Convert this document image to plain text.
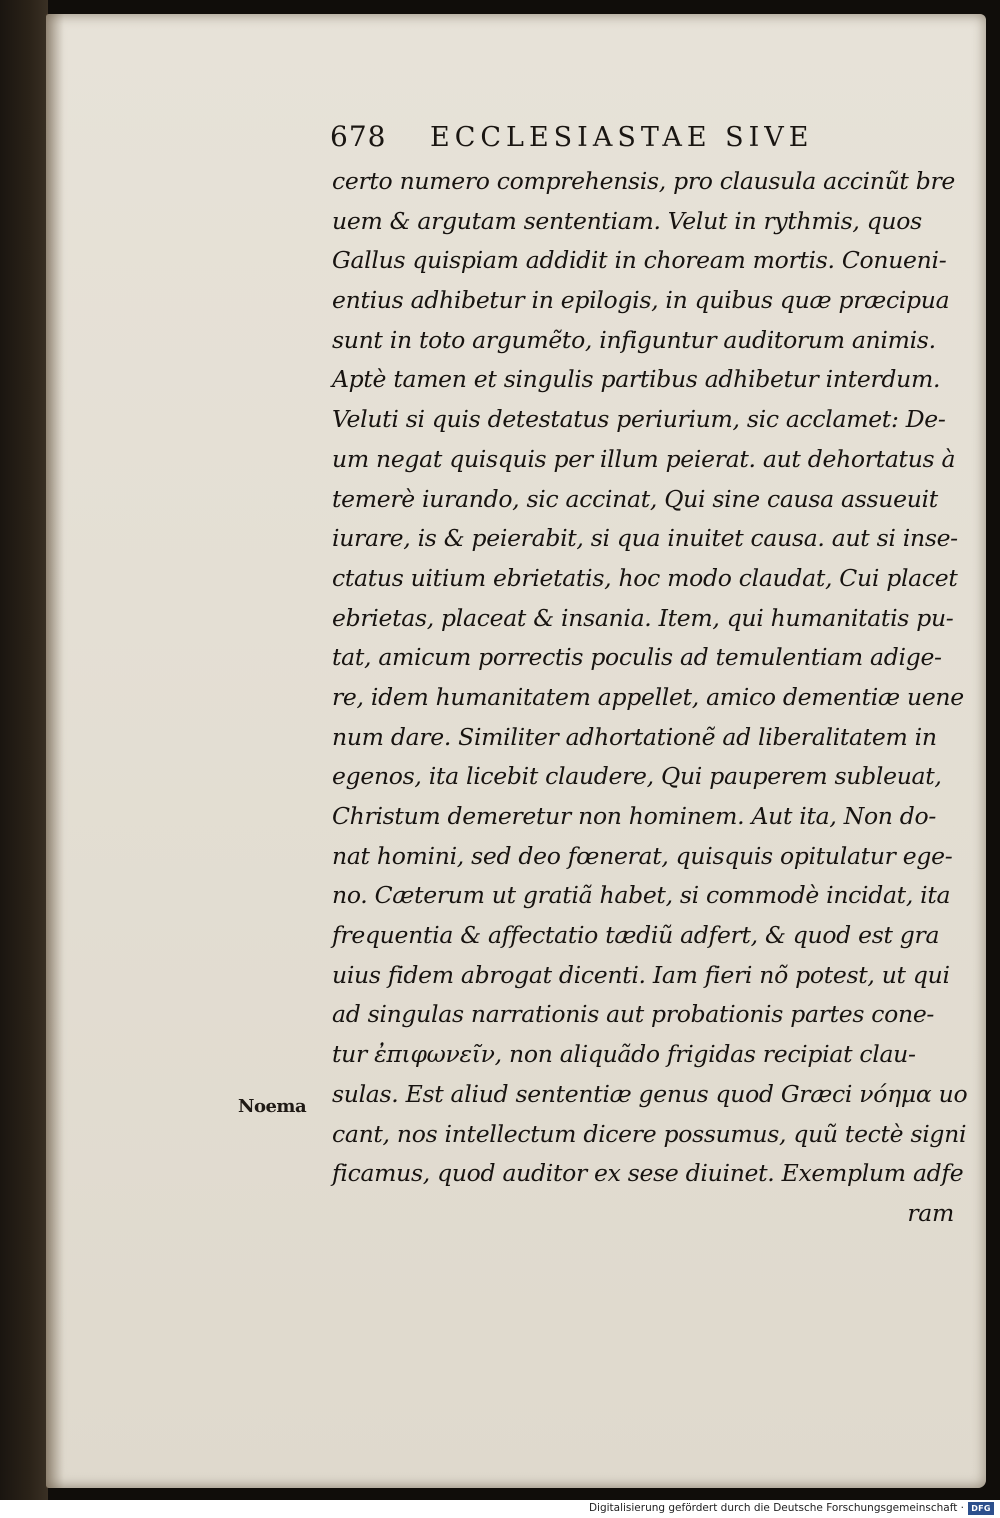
678 ECCLESIASTAE SIVE
Noema
certo numero comprehensis, pro clausula accinũt bre
uem & argutam sententiam. Velut in rythmis, quos
Gallus quispiam addidit in choream mortis. Conueni-
entius adhibetur in epilogis, in quibus quæ præcipua
sunt in toto argumẽto, infiguntur auditorum animis.
Aptè tamen et singulis partibus adhibetur interdum.
Veluti si quis detestatus periurium, sic acclamet: De-
um negat quisquis per illum peierat. aut dehortatus à
temerè iurando, sic accinat, Qui sine causa assueuit
iurare, is & peierabit, si qua inuitet causa. aut si inse-
ctatus uitium ebrietatis, hoc modo claudat, Cui placet
ebrietas, placeat & insania. Item, qui humanitatis pu-
tat, amicum porrectis poculis ad temulentiam adige-
re, idem humanitatem appellet, amico dementiæ uene
num dare. Similiter adhortationẽ ad liberalitatem in
egenos, ita licebit claudere, Qui pauperem subleuat,
Christum demeretur non hominem. Aut ita, Non do-
nat homini, sed deo fœnerat, quisquis opitulatur ege-
no. Cæterum ut gratiã habet, si commodè incidat, ita
frequentia & affectatio tædiũ adfert, & quod est gra
uius fidem abrogat dicenti. Iam fieri nõ potest, ut qui
ad singulas narrationis aut probationis partes cone-
tur ἐπιφωνεῖν, non aliquãdo frigidas recipiat clau-
sulas. Est aliud sententiæ genus quod Græci νόημα uo
cant, nos intellectum dicere possumus, quũ tectè signi
ficamus, quod auditor ex sese diuinet. Exemplum adfe
ram
Digitalisierung gefördert durch die Deutsche Forschungsgemeinschaft · DFG
